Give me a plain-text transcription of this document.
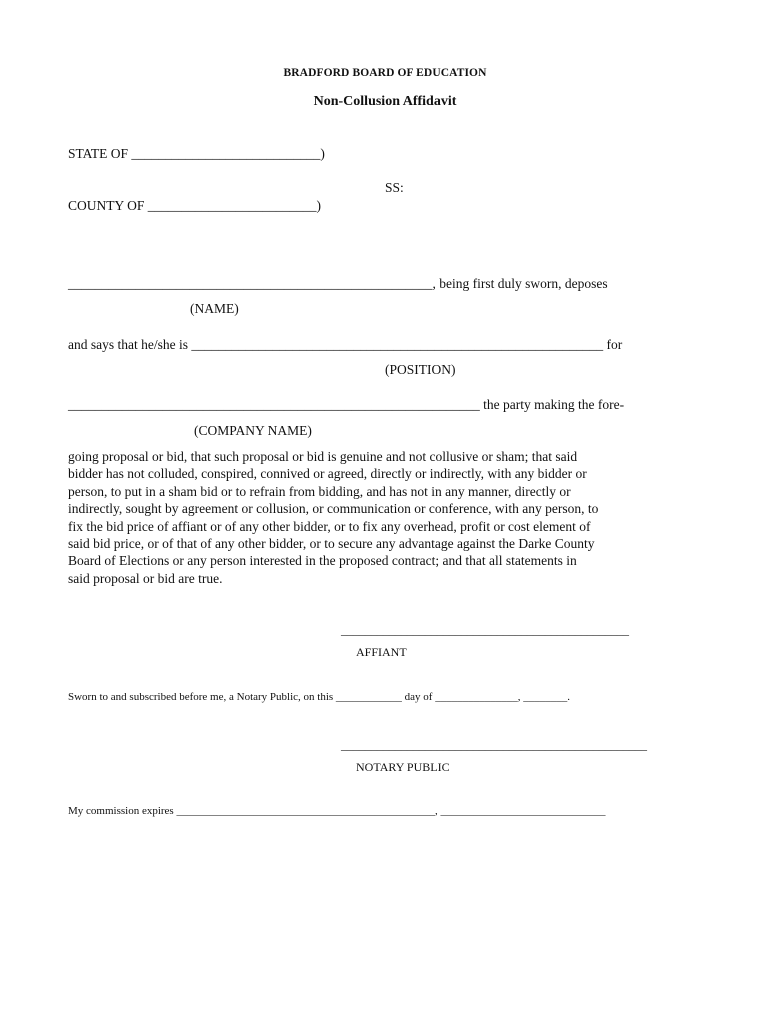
BRADFORD BOARD OF EDUCATION
Non-Collusion Affidavit
STATE OF ____________________________)
SS:
COUNTY OF _________________________)
______________________________________________________, being first duly sworn, deposes
(NAME)
and says that he/she is _____________________________________________________________ for
(POSITION)
_____________________________________________________________ the party making the fore-
(COMPANY NAME)
going proposal or bid, that such proposal or bid is genuine and not collusive or sham; that said
bidder has not colluded, conspired, connived or agreed, directly or indirectly, with any bidder or
person, to put in a sham bid or to refrain from bidding, and has not in any manner, directly or
indirectly, sought by agreement or collusion, or communication or conference, with any person, to
fix the bid price of affiant or of any other bidder, or to fix any overhead, profit or cost element of
said bid price, or of that of any other bidder, or to secure any advantage against the Darke County
Board of Elections or any person interested in the proposed contract; and that all statements in
said proposal or bid are true.
________________________________________________
AFFIANT
Sworn to and subscribed before me, a Notary Public, on this ____________ day of _______________, ________.
___________________________________________________
NOTARY PUBLIC
My commission expires _______________________________________________, ______________________________
